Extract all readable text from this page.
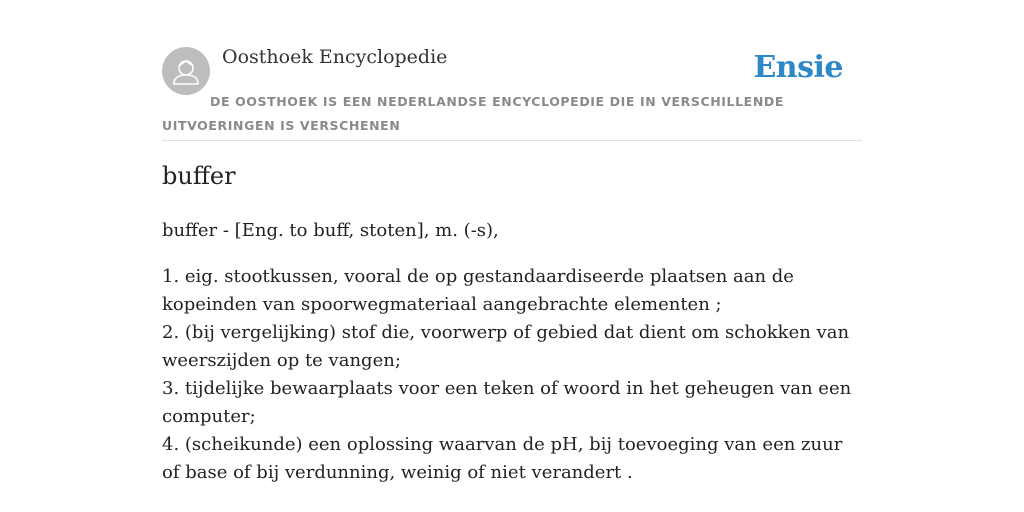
Oosthoek Encyclopedie	Ensie
DE OOSTHOEK IS EEN NEDERLANDSE ENCYCLOPEDIE DIE IN VERSCHILLENDE UITVOERINGEN IS VERSCHENEN
buffer

buffer - [Eng. to buff, stoten], m. (-s),

1. eig. stootkussen, vooral de op gestandaardiseerde plaatsen aan de kopeinden van spoorwegmateriaal aangebrachte elementen ;

2. (bij vergelijking) stof die, voorwerp of gebied dat dient om schokken van weerszijden op te vangen;

3. tijdelijke bewaarplaats voor een teken of woord in het geheugen van een computer;

4. (scheikunde) een oplossing waarvan de pH, bij toevoeging van een zuur of base of bij verdunning, weinig of niet verandert .
